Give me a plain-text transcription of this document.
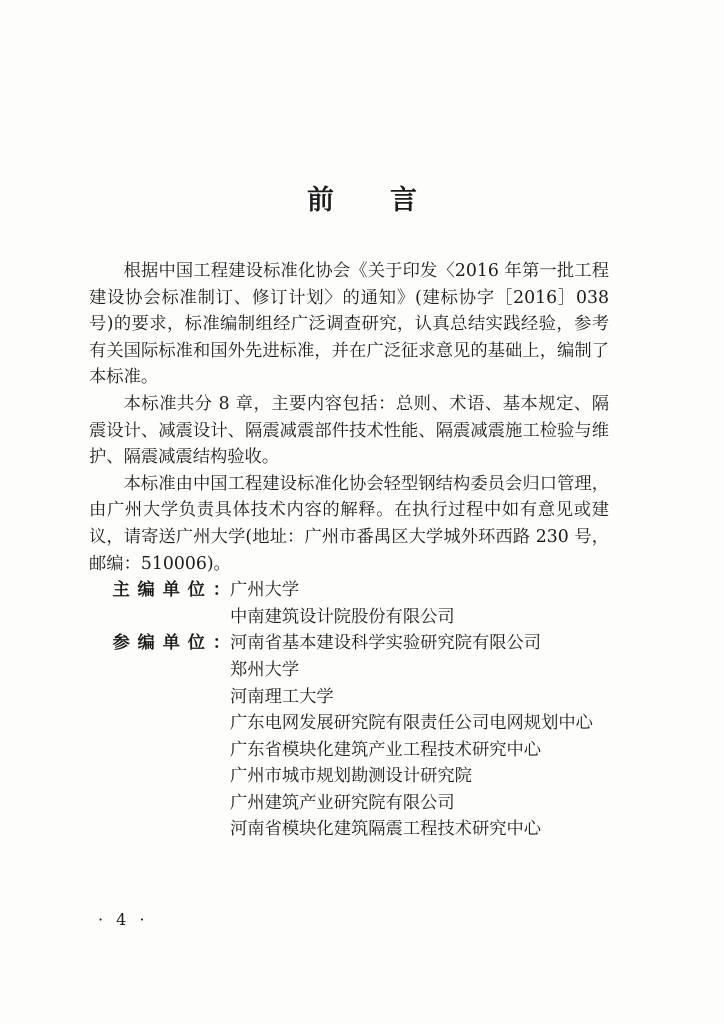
前 言

根据中国工程建设标准化协会《关于印发〈2016 年第一批工程建设协会标准制订、修订计划〉的通知》(建标协字［2016］038 号)的要求，标准编制组经广泛调查研究，认真总结实践经验，参考有关国际标准和国外先进标准，并在广泛征求意见的基础上，编制了本标准。

本标准共分 8 章，主要内容包括：总则、术语、基本规定、隔震设计、减震设计、隔震减震部件技术性能、隔震减震施工检验与维护、隔震减震结构验收。

本标准由中国工程建设标准化协会轻型钢结构委员会归口管理，由广州大学负责具体技术内容的解释。在执行过程中如有意见或建议，请寄送广州大学(地址：广州市番禺区大学城外环西路 230 号，邮编：510006)。

主编单位： 广州大学
中南建筑设计院股份有限公司
参编单位： 河南省基本建设科学实验研究院有限公司
郑州大学
河南理工大学
广东电网发展研究院有限责任公司电网规划中心
广东省模块化建筑产业工程技术研究中心
广州市城市规划勘测设计研究院
广州建筑产业研究院有限公司
河南省模块化建筑隔震工程技术研究中心
· 4 ·
